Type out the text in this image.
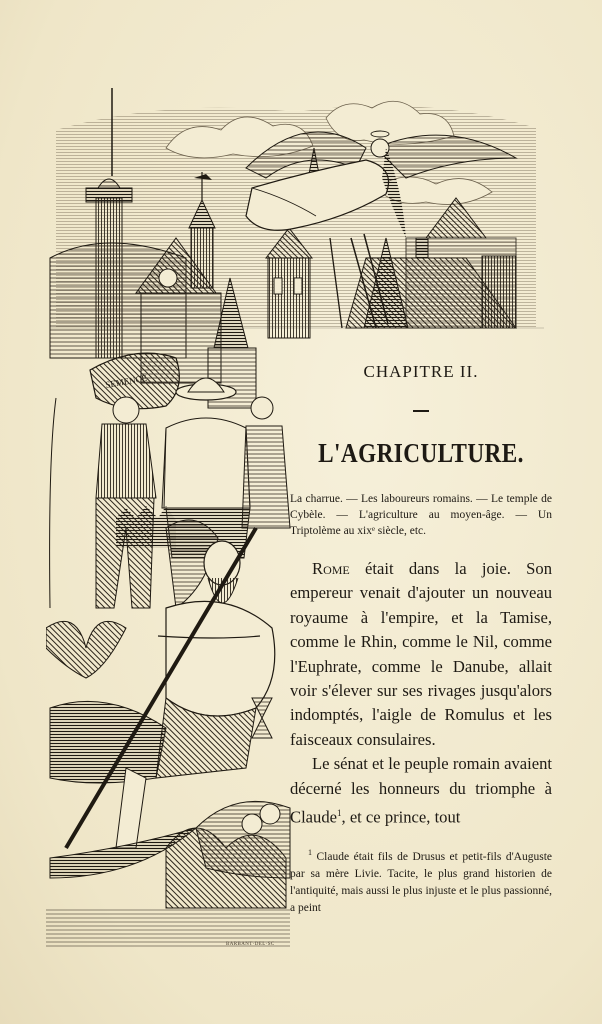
SEMENCE
BARBANT·DEL·SC
CHAPITRE II.
L'AGRICULTURE.
La charrue. — Les laboureurs romains. — Le temple de Cybèle. — L'agriculture au moyen-âge. — Un Triptolème au xixᵉ siècle, etc.

Rome était dans la joie. Son empereur venait d'ajouter un nouveau royaume à l'empire, et la Tamise, comme le Rhin, comme le Nil, comme l'Euphrate, comme le Danube, allait voir s'élever sur ses rivages jusqu'alors indomptés, l'aigle de Romulus et les faisceaux consulaires.

Le sénat et le peuple romain avaient décerné les honneurs du triomphe à Claude$^1$, et ce prince, tout

$^1$ Claude était fils de Drusus et petit-fils d'Auguste par sa mère Livie. Tacite, le plus grand historien de l'antiquité, mais aussi le plus injuste et le plus passionné, a peint
